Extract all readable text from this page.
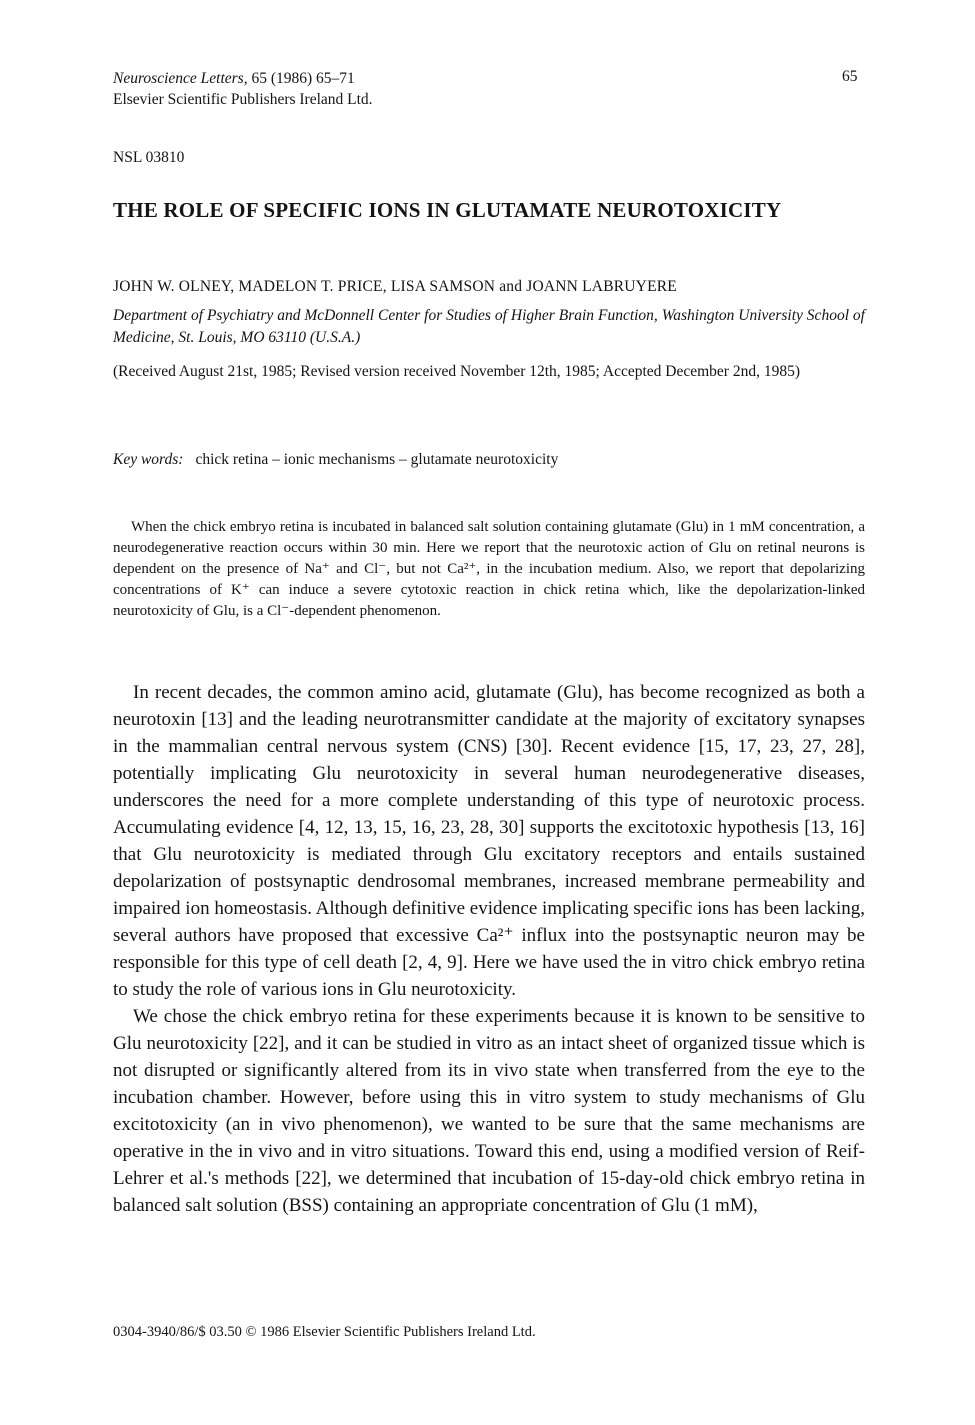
Neuroscience Letters, 65 (1986) 65–71
Elsevier Scientific Publishers Ireland Ltd.
65
NSL 03810
THE ROLE OF SPECIFIC IONS IN GLUTAMATE NEUROTOXICITY
JOHN W. OLNEY, MADELON T. PRICE, LISA SAMSON and JOANN LABRUYERE
Department of Psychiatry and McDonnell Center for Studies of Higher Brain Function, Washington University School of Medicine, St. Louis, MO 63110 (U.S.A.)
(Received August 21st, 1985; Revised version received November 12th, 1985; Accepted December 2nd, 1985)
Key words: chick retina – ionic mechanisms – glutamate neurotoxicity

When the chick embryo retina is incubated in balanced salt solution containing glutamate (Glu) in 1 mM concentration, a neurodegenerative reaction occurs within 30 min. Here we report that the neurotoxic action of Glu on retinal neurons is dependent on the presence of Na⁺ and Cl⁻, but not Ca²⁺, in the incubation medium. Also, we report that depolarizing concentrations of K⁺ can induce a severe cytotoxic reaction in chick retina which, like the depolarization-linked neurotoxicity of Glu, is a Cl⁻-dependent phenomenon.

In recent decades, the common amino acid, glutamate (Glu), has become recognized as both a neurotoxin [13] and the leading neurotransmitter candidate at the majority of excitatory synapses in the mammalian central nervous system (CNS) [30]. Recent evidence [15, 17, 23, 27, 28], potentially implicating Glu neurotoxicity in several human neurodegenerative diseases, underscores the need for a more complete understanding of this type of neurotoxic process. Accumulating evidence [4, 12, 13, 15, 16, 23, 28, 30] supports the excitotoxic hypothesis [13, 16] that Glu neurotoxicity is mediated through Glu excitatory receptors and entails sustained depolarization of postsynaptic dendrosomal membranes, increased membrane permeability and impaired ion homeostasis. Although definitive evidence implicating specific ions has been lacking, several authors have proposed that excessive Ca²⁺ influx into the postsynaptic neuron may be responsible for this type of cell death [2, 4, 9]. Here we have used the in vitro chick embryo retina to study the role of various ions in Glu neurotoxicity.

We chose the chick embryo retina for these experiments because it is known to be sensitive to Glu neurotoxicity [22], and it can be studied in vitro as an intact sheet of organized tissue which is not disrupted or significantly altered from its in vivo state when transferred from the eye to the incubation chamber. However, before using this in vitro system to study mechanisms of Glu excitotoxicity (an in vivo phenomenon), we wanted to be sure that the same mechanisms are operative in the in vivo and in vitro situations. Toward this end, using a modified version of Reif-Lehrer et al.'s methods [22], we determined that incubation of 15-day-old chick embryo retina in balanced salt solution (BSS) containing an appropriate concentration of Glu (1 mM),

0304-3940/86/$ 03.50 © 1986 Elsevier Scientific Publishers Ireland Ltd.
